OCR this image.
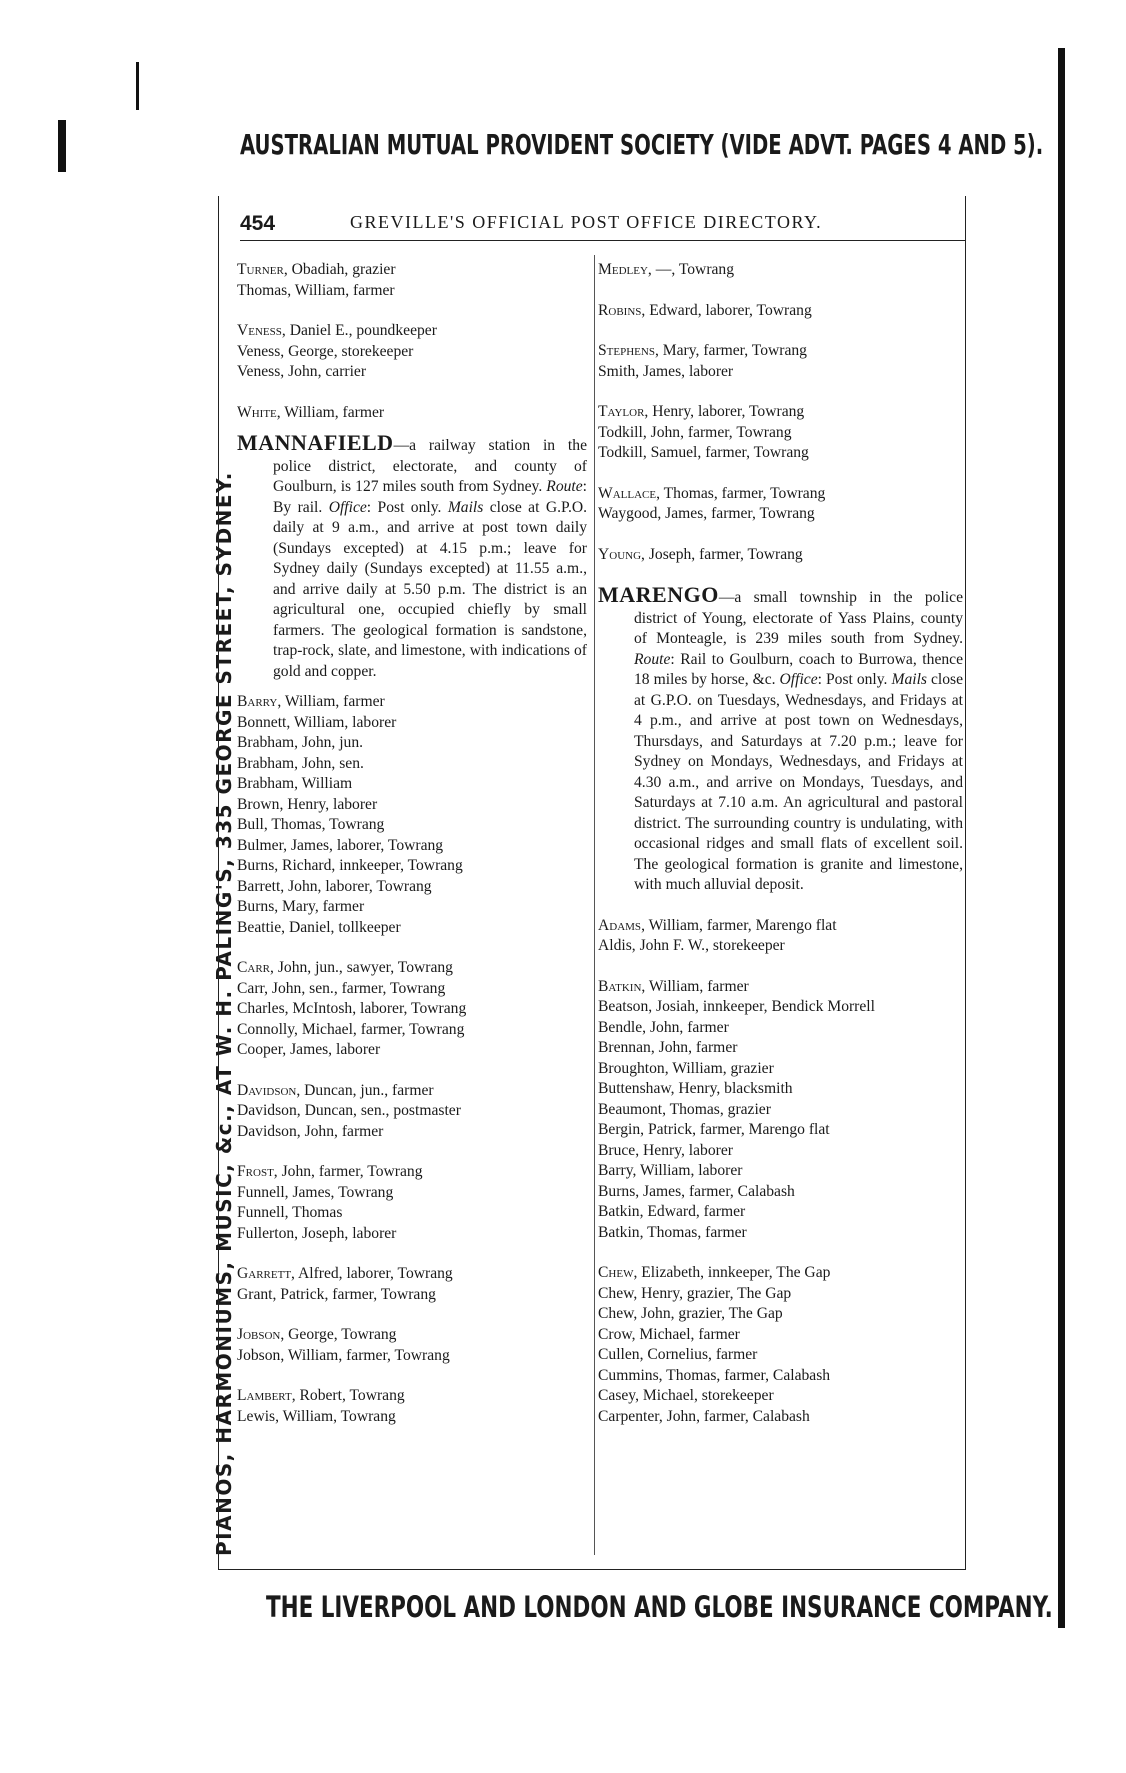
AUSTRALIAN MUTUAL PROVIDENT SOCIETY (VIDE ADVT. PAGES 4 AND 5).
PIANOS, HARMONIUMS, MUSIC, &c., AT W. H. PALING'S, 335 GEORGE STREET, SYDNEY.
454	GREVILLE'S OFFICIAL POST OFFICE DIRECTORY.
Turner, Obadiah, grazier
Thomas, William, farmer
Veness, Daniel E., poundkeeper
Veness, George, storekeeper
Veness, John, carrier
White, William, farmer
MANNAFIELD—a railway station in the police district, electorate, and county of Goulburn, is 127 miles south from Sydney. Route: By rail. Office: Post only. Mails close at G.P.O. daily at 9 a.m., and arrive at post town daily (Sundays excepted) at 4.15 p.m.; leave for Sydney daily (Sundays excepted) at 11.55 a.m., and arrive daily at 5.50 p.m. The district is an agricultural one, occupied chiefly by small farmers. The geological formation is sandstone, trap-rock, slate, and limestone, with indications of gold and copper.
Barry, William, farmer
Bonnett, William, laborer
Brabham, John, jun.
Brabham, John, sen.
Brabham, William
Brown, Henry, laborer
Bull, Thomas, Towrang
Bulmer, James, laborer, Towrang
Burns, Richard, innkeeper, Towrang
Barrett, John, laborer, Towrang
Burns, Mary, farmer
Beattie, Daniel, tollkeeper
Carr, John, jun., sawyer, Towrang
Carr, John, sen., farmer, Towrang
Charles, McIntosh, laborer, Towrang
Connolly, Michael, farmer, Towrang
Cooper, James, laborer
Davidson, Duncan, jun., farmer
Davidson, Duncan, sen., postmaster
Davidson, John, farmer
Frost, John, farmer, Towrang
Funnell, James, Towrang
Funnell, Thomas
Fullerton, Joseph, laborer
Garrett, Alfred, laborer, Towrang
Grant, Patrick, farmer, Towrang
Jobson, George, Towrang
Jobson, William, farmer, Towrang
Lambert, Robert, Towrang
Lewis, William, Towrang
Medley, —, Towrang
Robins, Edward, laborer, Towrang
Stephens, Mary, farmer, Towrang
Smith, James, laborer
Taylor, Henry, laborer, Towrang
Todkill, John, farmer, Towrang
Todkill, Samuel, farmer, Towrang
Wallace, Thomas, farmer, Towrang
Waygood, James, farmer, Towrang
Young, Joseph, farmer, Towrang
MARENGO—a small township in the police district of Young, electorate of Yass Plains, county of Monteagle, is 239 miles south from Sydney. Route: Rail to Goulburn, coach to Burrowa, thence 18 miles by horse, &c. Office: Post only. Mails close at G.P.O. on Tuesdays, Wednesdays, and Fridays at 4 p.m., and arrive at post town on Wednesdays, Thursdays, and Saturdays at 7.20 p.m.; leave for Sydney on Mondays, Wednesdays, and Fridays at 4.30 a.m., and arrive on Mondays, Tuesdays, and Saturdays at 7.10 a.m. An agricultural and pastoral district. The surrounding country is undulating, with occasional ridges and small flats of excellent soil. The geological formation is granite and limestone, with much alluvial deposit.
Adams, William, farmer, Marengo flat
Aldis, John F. W., storekeeper
Batkin, William, farmer
Beatson, Josiah, innkeeper, Bendick Morrell
Bendle, John, farmer
Brennan, John, farmer
Broughton, William, grazier
Buttenshaw, Henry, blacksmith
Beaumont, Thomas, grazier
Bergin, Patrick, farmer, Marengo flat
Bruce, Henry, laborer
Barry, William, laborer
Burns, James, farmer, Calabash
Batkin, Edward, farmer
Batkin, Thomas, farmer
Chew, Elizabeth, innkeeper, The Gap
Chew, Henry, grazier, The Gap
Chew, John, grazier, The Gap
Crow, Michael, farmer
Cullen, Cornelius, farmer
Cummins, Thomas, farmer, Calabash
Casey, Michael, storekeeper
Carpenter, John, farmer, Calabash
THE LIVERPOOL AND LONDON AND GLOBE INSURANCE COMPANY.
